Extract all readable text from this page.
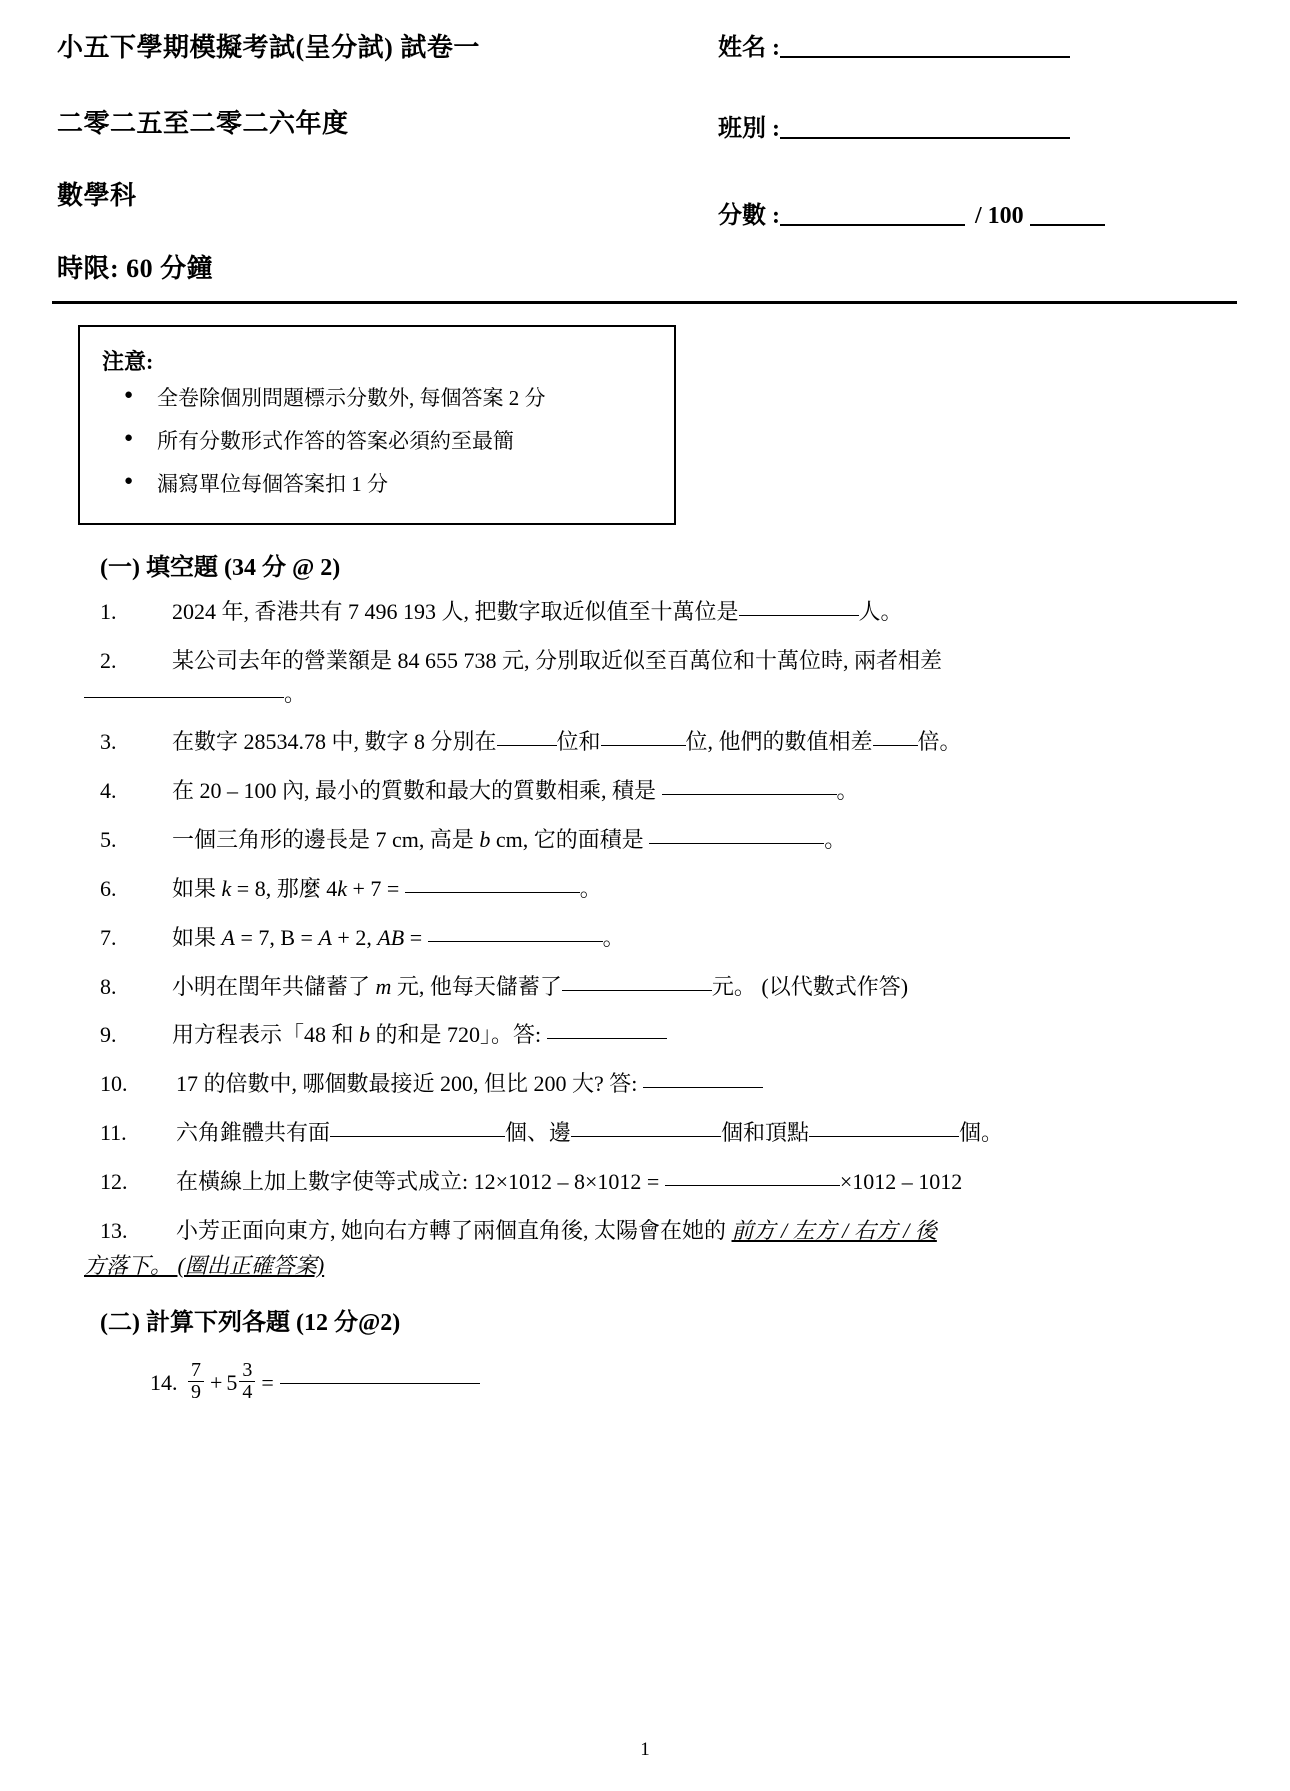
小五下學期模擬考試(呈分試) 試卷一
二零二五至二零二六年度
數學科
時限: 60 分鐘
姓名 :
班別 :
分數 :	/ 100
注意:
● 全卷除個別問題標示分數外, 每個答案 2 分
● 所有分數形式作答的答案必須約至最簡
● 漏寫單位每個答案扣 1 分
(一) 填空題 (34 分 @ 2)
1.	2024 年, 香港共有 7 496 193 人, 把數字取近似值至十萬位是	人。
2.	某公司去年的營業額是 84 655 738 元, 分別取近似至百萬位和十萬位時, 兩者相差
。
3.	在數字 28534.78 中, 數字 8 分別在	位和	位, 他們的數值相差 倍。
4.	在 20 – 100 內, 最小的質數和最大的質數相乘, 積是	。
5.	一個三角形的邊長是 7 cm, 高是 b cm, 它的面積是	。
6.	如果 k = 8, 那麼 4k + 7 =	。
7.	如果 A = 7, B = A + 2, AB =	。
8.	小明在閏年共儲蓄了 m 元, 他每天儲蓄了	元。 (以代數式作答)
9.	用方程表示「48 和 b 的和是 720」。答:
10. 17 的倍數中, 哪個數最接近 200, 但比 200 大? 答:
11. 六角錐體共有面	個、邊	個和頂點	個。
12. 在橫線上加上數字使等式成立: 12×1012 – 8×1012 =	×1012 – 1012
13. 小芳正面向東方, 她向右方轉了兩個直角後, 太陽會在她的 前方 / 左方 / 右方 / 後
方落下。 (圈出正確答案)
(二) 計算下列各題 (12 分@2)
14. $\frac{7}{9} + 5 \frac{3}{4}$ =
1
